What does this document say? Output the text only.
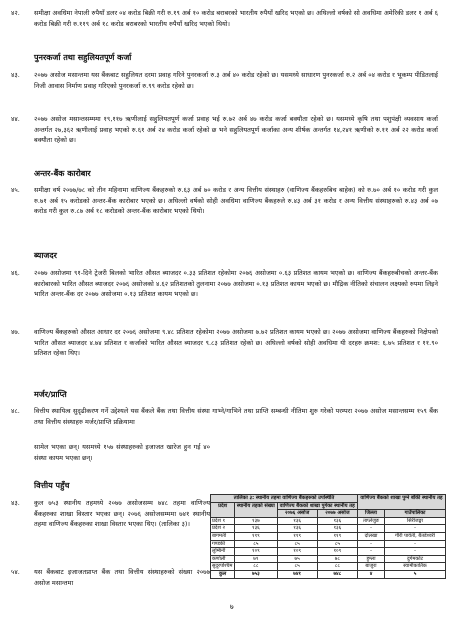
४२. समीक्षा अवधिमा नेपाली रुपैयाँ डलर ०४ करोड बिक्री गरी रु.१९ अर्ब १० करोड बराबरको भारतीय रुपैयाँ खरिद भएको छ। अघिल्लो वर्षको सो अवधिमा अमेरिकी डलर १ अर्ब ६ करोड बिक्री गरी रु.११९ अर्ब १८ करोड बराबरको भारतीय रुपैयाँ खरिद भएको थियो।
पुनरकर्जा तथा सहुलियतपूर्ण कर्जा
४३. २०७७ असोज मसान्तमा यस बैंकबाट सहुलियत दरमा प्रवाह गरिने पुनरकर्जा रु.३ अर्ब ४० करोड रहेको छ। यसमध्ये साधारण पुनरकर्जा रु.२ अर्ब ०४ करोड र भूकम्प पीडितलाई निजी आवास निर्माण प्रवाह गरिएको पुनरकर्जा रु.९९ करोड रहेको छ।
४४. २०७७ असोज मसान्तसम्ममा १९,११७ ऋणीलाई सहुलियतपूर्ण कर्जा प्रवाह भई रु.७२ अर्ब ४७ करोड कर्जा बक्यौता रहेको छ। यसमध्ये कृषि तथा पशुपंक्षी व्यवसाय कर्जा अन्तर्गत २७,३६२ ऋणीलाई प्रवाह भएको रु.६१ अर्ब २४ करोड कर्जा रहेको छ भने सहुलियतपूर्ण कर्जाका अन्य शीर्षक अन्तर्गत १४,२४१ ऋणीको रु.११ अर्ब २२ करोड कर्जा बक्यौता रहेको छ।
अन्तर-बैंक कारोबार
४५. समीक्षा वर्ष २०७७/७८ को तीन महिनामा वाणिज्य बैंकहरुको रु.६३ अर्ब ७० करोड र अन्य वित्तीय संस्थाहरु (वाणिज्य बैंकहरुबिच बाहेक) को रु.७० अर्ब १० करोड गरी कुल रु.७१ अर्ब १५ करोडको अन्तर-बैंक कारोबार भएको छ। अघिल्लो वर्षको सोही अवधिमा वाणिज्य बैंकहरुले रु.४३ अर्ब ३१ करोड र अन्य वित्तीय संस्थाहरुको रु.४३ अर्ब ०७ करोड गरी कुल रु.८७ अर्ब १८ करोडको अन्तर-बैंक कारोबार भएको थियो।
ब्याजदर
४६. २०७७ असोजमा ९१-दिने ट्रेजरी बिलको भारित औसत ब्याजदर ०.३३ प्रतिशत रहेकोमा २०७६ असोजमा ०.६३ प्रतिशत कायम भएको छ। वाणिज्य बैंकहरुबीचको अन्तर-बैंक कारोबारको भारित औसत ब्याजदर २०७६ असोजको ४.६२ प्रतिशतको तुलनामा २०७७ असोजमा ०.१३ प्रतिशत कायम भएको छ। मौद्रिक नीतिको संचालन लक्ष्यको रुपमा लिइने भारित अन्तर-बैंक दर २०७७ असोजमा ०.१३ प्रतिशत कायम भएको छ।
४७. वाणिज्य बैंकहरुको औसत आधार दर २०७६ असोजमा ९.४८ प्रतिशत रहेकोमा २०७७ असोजमा ७.७२ प्रतिशत कायम भएको छ। २०७७ असोजमा वाणिज्य बैंकहरुको निक्षेपको भारित औसत ब्याजदर ४.७४ प्रतिशत र कर्जाको भारित औसत ब्याजदर ९.८३ प्रतिशत रहेको छ। अघिल्लो वर्षको सोही अवधिमा यी दरहरु क्रमश: ६.७५ प्रतिशत र ११.९० प्रतिशत रहेका थिए।
मर्जर/प्राप्ति
४८. वित्तीय स्थायित्व सुदृढीकरण गर्ने उद्देश्यले यस बैंकले बैंक तथा वित्तीय संस्था गाभ्ने/गाभिने तथा प्राप्ति सम्बन्धी नीतिमा शुरु गरेको परम्परा २०७७ असोज मसान्तसम्म १५९ बैंक तथा वित्तीय संस्थाहरु मर्जर/प्राप्ति प्रक्रियामा
सामेल भएका छन्। यसमध्ये १५७ संस्थाहरुको इजाजत खारेज हुन गई ४० संस्था कायम भएका छन्।
वित्तीय पहुँच
४३. कुल ७५३ स्थानीय तहमध्ये २०७७ असोजसम्म ७४८ तहमा वाणिज्य बैंकहरुका शाखा विस्तार भएका छन्। २०७६ असोजसम्ममा ७४१ स्थानीय तहमा वाणिज्य बैंकहरुका शाखा विस्तार भएका थिए। (तालिका ३)।
५४. यस बैंकबाट इजाजतप्राप्त बैंक तथा वित्तीय संस्थाहरुको संख्या २०७७ असोज मसान्तमा
तालिका ३: स्थानीय तहमा वाणिज्य बैंकहरुको उपस्थिति				वाणिज्य बैंकको शाखा पुग्ने बाँकी स्थानीय तह	
प्रदेश	स्थानीय तहको संख्या	वाणिज्य बैंकको शाखा पुगेका स्थानीय तह			
		२०७६ असोज	२०७७ असोज	जिल्ला	गाउँपालिका
प्रदेश १	१३७	१३६	१३६	ताप्लेजुङ	सिरीजङ्घा
प्रदेश २	१३६	१३६	१३६	-	-
बागमती	११९	११९	११९	दोलखा	गौरी पार्वती, बैतडेश्वरी
गण्डकी	८५	८५	८५	-	-
लुम्बिनी	१०९	१०९	१०९	-	-
कर्णाली	७९	७५	७८	हुम्ला	दुर्गमकोट
सुदूरपश्चिम	८८	८५	८८	बाजुरा	स्वामीकार्तिक
कुल	७५३	७४१	७४८	४	५
७
